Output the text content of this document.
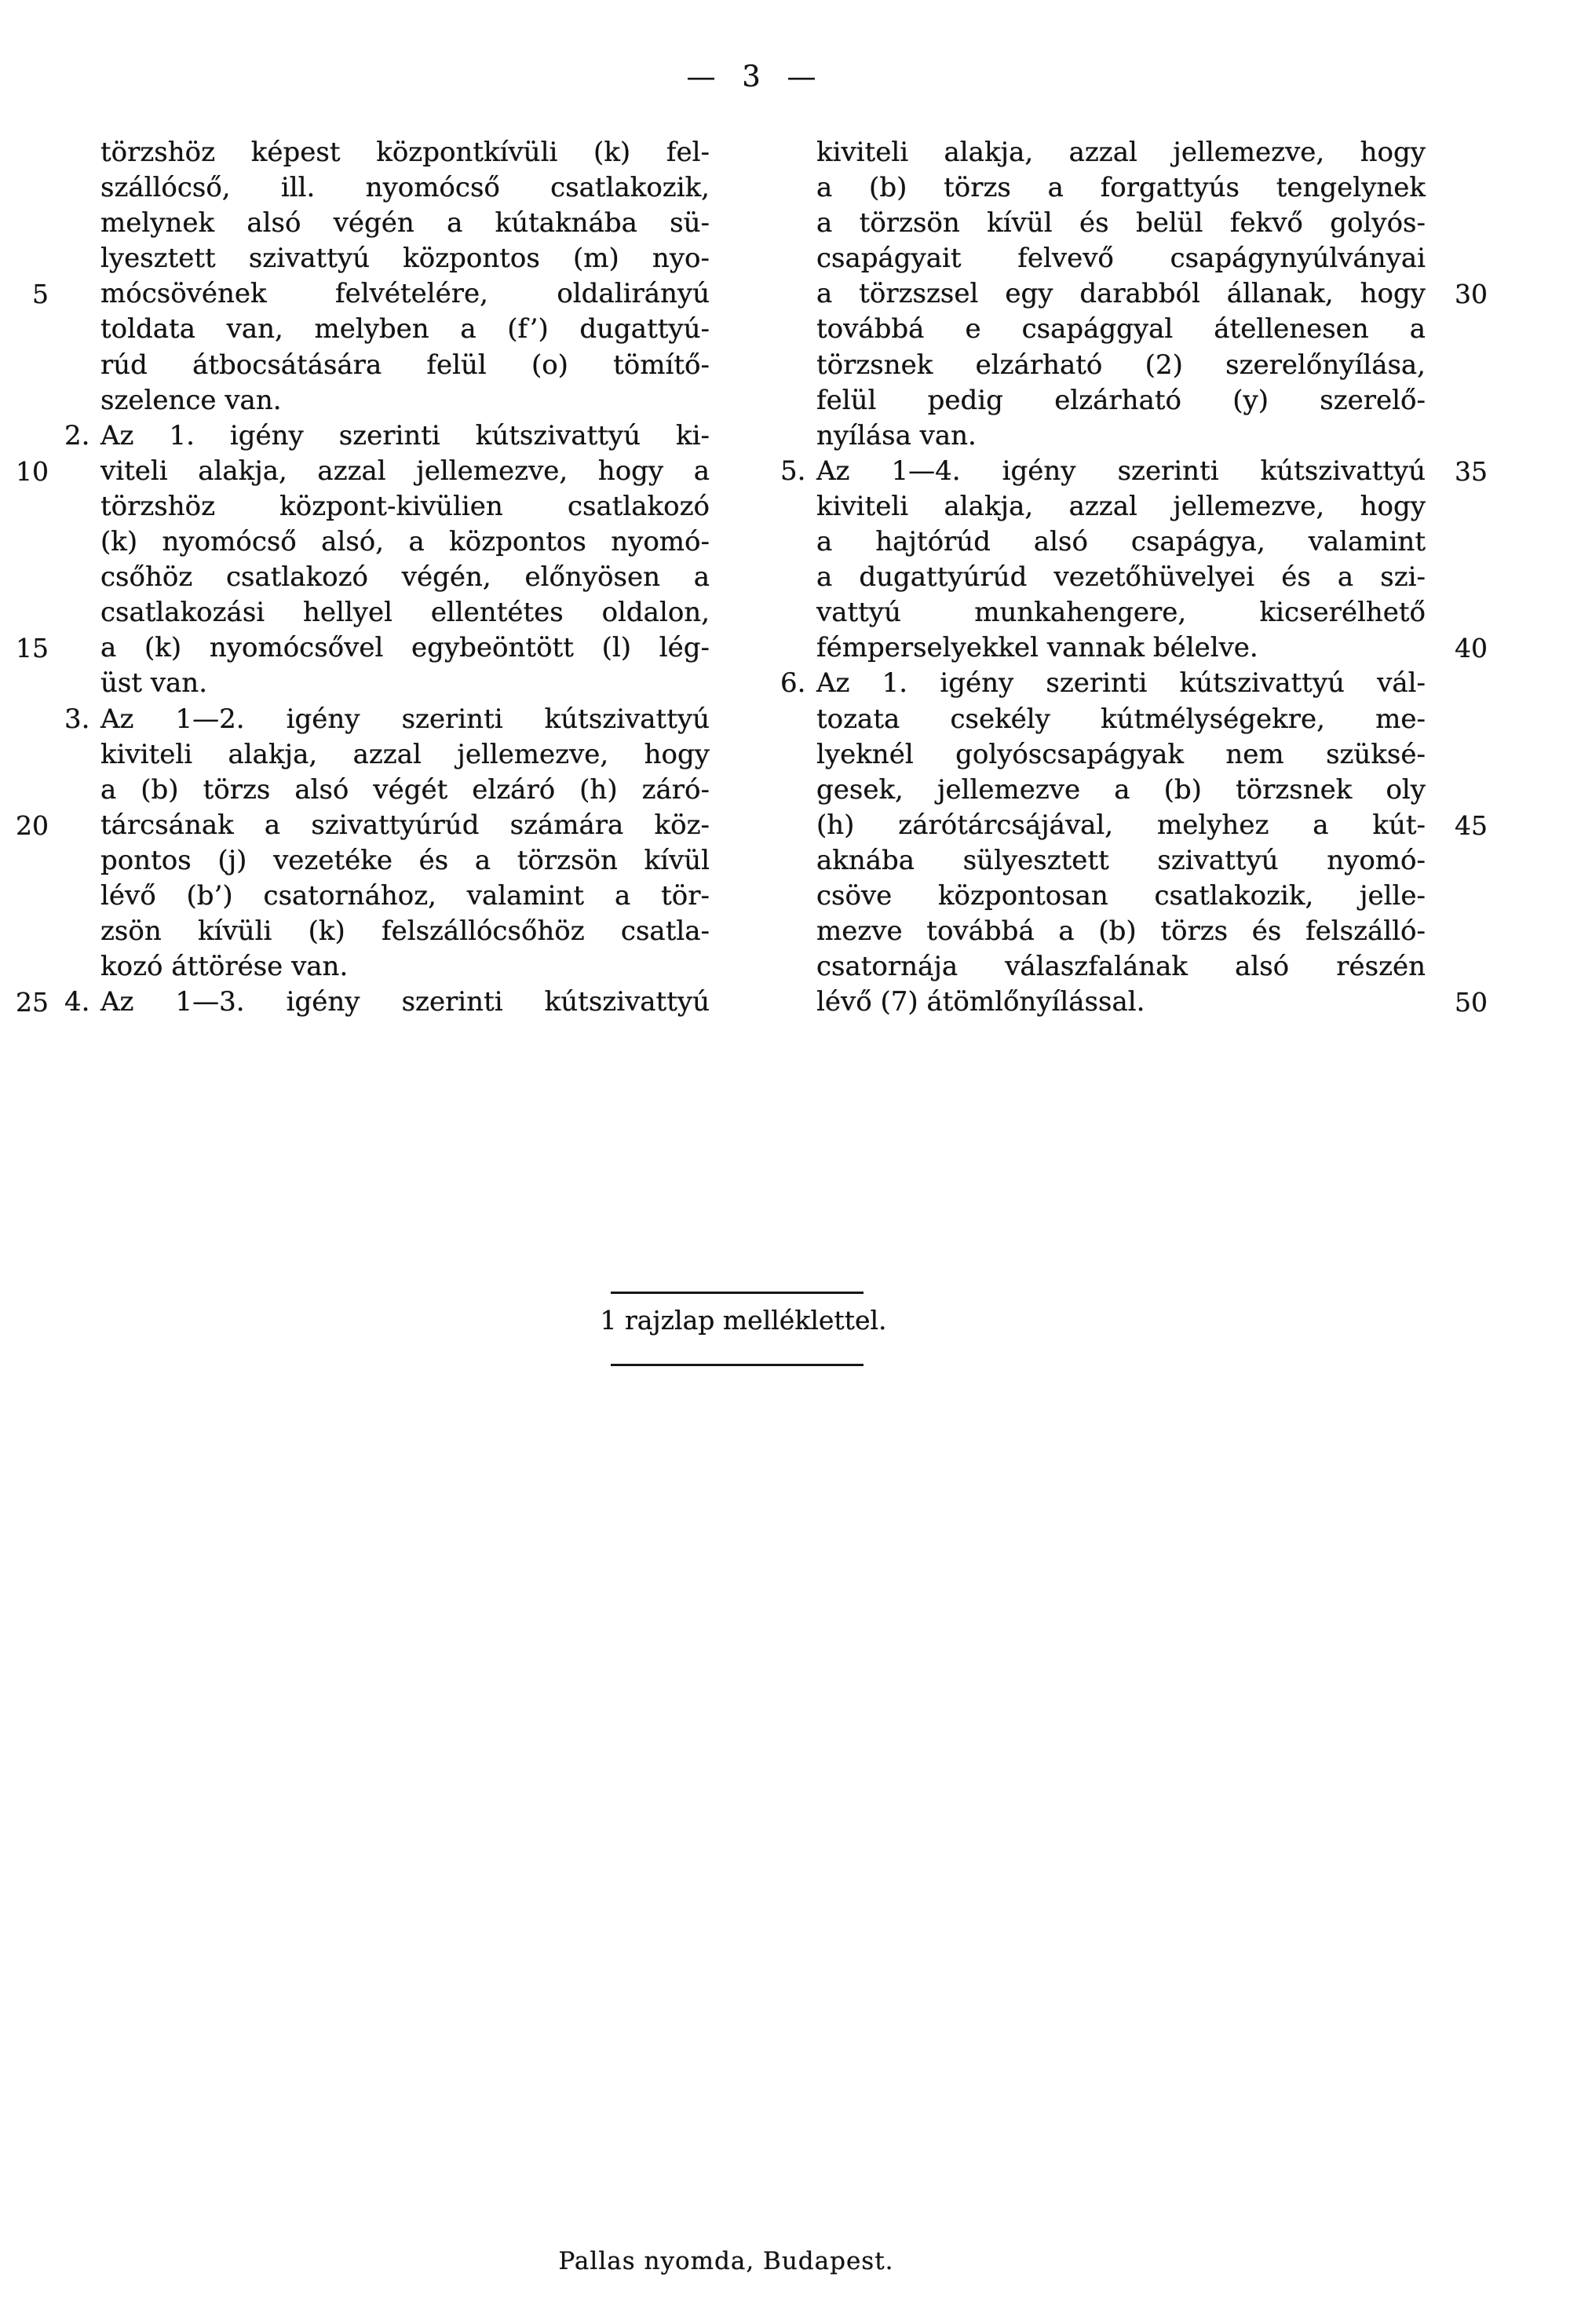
— 3 —
törzshöz képest központkívüli (k) fel-
szállócső, ill. nyomócső csatlakozik,
melynek alsó végén a kútaknába sü-
lyesztett szivattyú központos (m) nyo-
mócsövének felvételére, oldalirányú
toldata van, melyben a (f’) dugattyú-
rúd átbocsátására felül (o) tömítő-
szelence van.
2. Az 1. igény szerinti kútszivattyú ki-
viteli alakja, azzal jellemezve, hogy a
törzshöz központ-kivülien csatlakozó
(k) nyomócső alsó, a központos nyomó-
csőhöz csatlakozó végén, előnyösen a
csatlakozási hellyel ellentétes oldalon,
a (k) nyomócsővel egybeöntött (l) lég-
üst van.
3. Az 1—2. igény szerinti kútszivattyú
kiviteli alakja, azzal jellemezve, hogy
a (b) törzs alsó végét elzáró (h) záró-
tárcsának a szivattyúrúd számára köz-
pontos (j) vezetéke és a törzsön kívül
lévő (b’) csatornához, valamint a tör-
zsön kívüli (k) felszállócsőhöz csatla-
kozó áttörése van.
4. Az 1—3. igény szerinti kútszivattyú
kiviteli alakja, azzal jellemezve, hogy
a (b) törzs a forgattyús tengelynek
a törzsön kívül és belül fekvő golyós-
csapágyait felvevő csapágynyúlványai
a törzszsel egy darabból állanak, hogy
továbbá e csapággyal átellenesen a
törzsnek elzárható (2) szerelőnyílása,
felül pedig elzárható (y) szerelő-
nyílása van.
5. Az 1—4. igény szerinti kútszivattyú
kiviteli alakja, azzal jellemezve, hogy
a hajtórúd alsó csapágya, valamint
a dugattyúrúd vezetőhüvelyei és a szi-
vattyú munkahengere, kicserélhető
fémperselyekkel vannak bélelve.
6. Az 1. igény szerinti kútszivattyú vál-
tozata csekély kútmélységekre, me-
lyeknél golyóscsapágyak nem szüksé-
gesek, jellemezve a (b) törzsnek oly
(h) zárótárcsájával, melyhez a kút-
aknába sülyesztett szivattyú nyomó-
csöve központosan csatlakozik, jelle-
mezve továbbá a (b) törzs és felszálló-
csatornája válaszfalának alsó részén
lévő (7) átömlőnyílással.
1 rajzlap melléklettel.
Pallas nyomda, Budapest.
5
10
15
20
25
30
35
40
45
50
